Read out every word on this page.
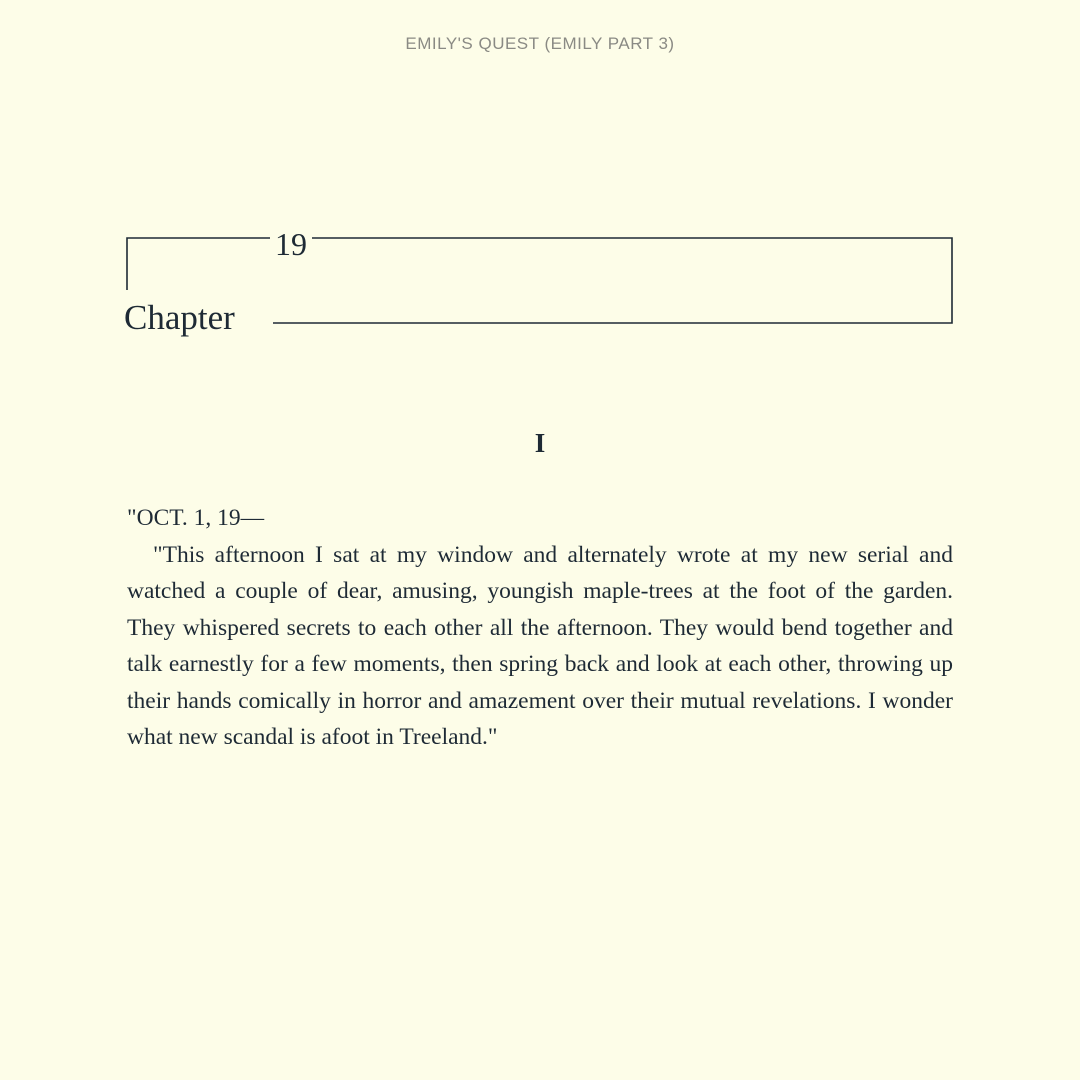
EMILY'S QUEST (EMILY PART 3)
19
Chapter
I

"OCT. 1, 19—

"This afternoon I sat at my window and alternately wrote at my new serial and watched a couple of dear, amusing, youngish maple-trees at the foot of the garden. They whispered secrets to each other all the afternoon. They would bend together and talk earnestly for a few moments, then spring back and look at each other, throwing up their hands comically in horror and amazement over their mutual revelations. I wonder what new scandal is afoot in Treeland."
